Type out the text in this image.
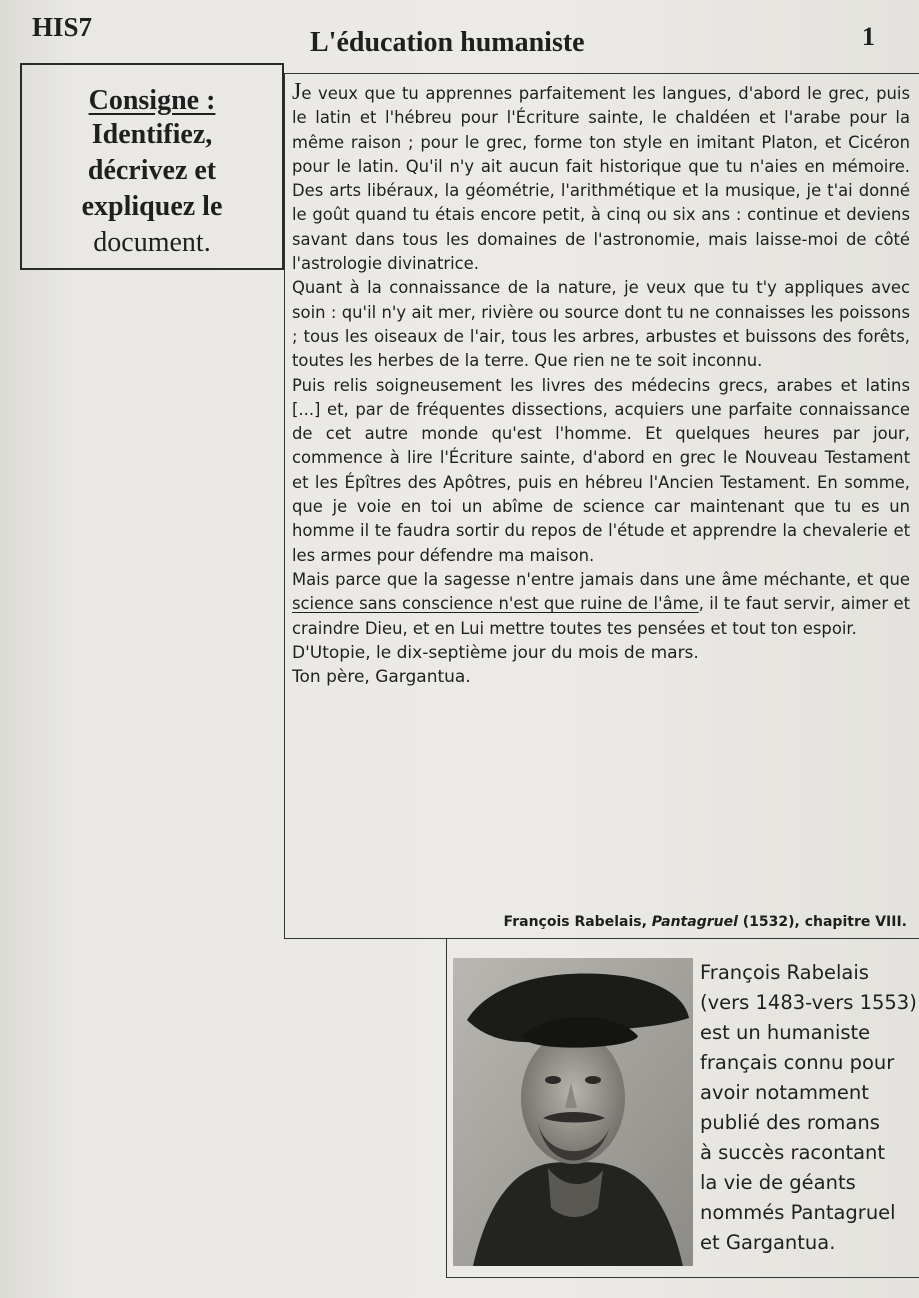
HIS7	L'éducation humaniste	1
Consigne :
Identifiez,
décrivez et
expliquez le
document.

Je veux que tu apprennes parfaitement les langues, d'abord le grec, puis le latin et l'hébreu pour l'Écriture sainte, le chaldéen et l'arabe pour la même raison ; pour le grec, forme ton style en imitant Platon, et Cicéron pour le latin. Qu'il n'y ait aucun fait historique que tu n'aies en mémoire. Des arts libéraux, la géométrie, l'arithmétique et la musique, je t'ai donné le goût quand tu étais encore petit, à cinq ou six ans : continue et deviens savant dans tous les domaines de l'astronomie, mais laisse-moi de côté l'astrologie divinatrice.

Quant à la connaissance de la nature, je veux que tu t'y appliques avec soin : qu'il n'y ait mer, rivière ou source dont tu ne connaisses les poissons ; tous les oiseaux de l'air, tous les arbres, arbustes et buissons des forêts, toutes les herbes de la terre. Que rien ne te soit inconnu.

Puis relis soigneusement les livres des médecins grecs, arabes et latins [...] et, par de fréquentes dissections, acquiers une parfaite connaissance de cet autre monde qu'est l'homme. Et quelques heures par jour, commence à lire l'Écriture sainte, d'abord en grec le Nouveau Testament et les Épîtres des Apôtres, puis en hébreu l'Ancien Testament. En somme, que je voie en toi un abîme de science car maintenant que tu es un homme il te faudra sortir du repos de l'étude et apprendre la chevalerie et les armes pour défendre ma maison.

Mais parce que la sagesse n'entre jamais dans une âme méchante, et que science sans conscience n'est que ruine de l'âme, il te faut servir, aimer et craindre Dieu, et en Lui mettre toutes tes pensées et tout ton espoir.

D'Utopie, le dix-septième jour du mois de mars.

Ton père, Gargantua.

François Rabelais, Pantagruel (1532), chapitre VIII.
François Rabelais
(vers 1483-vers 1553)
est un humaniste
français connu pour
avoir notamment
publié des romans
à succès racontant
la vie de géants
nommés Pantagruel
et Gargantua.
